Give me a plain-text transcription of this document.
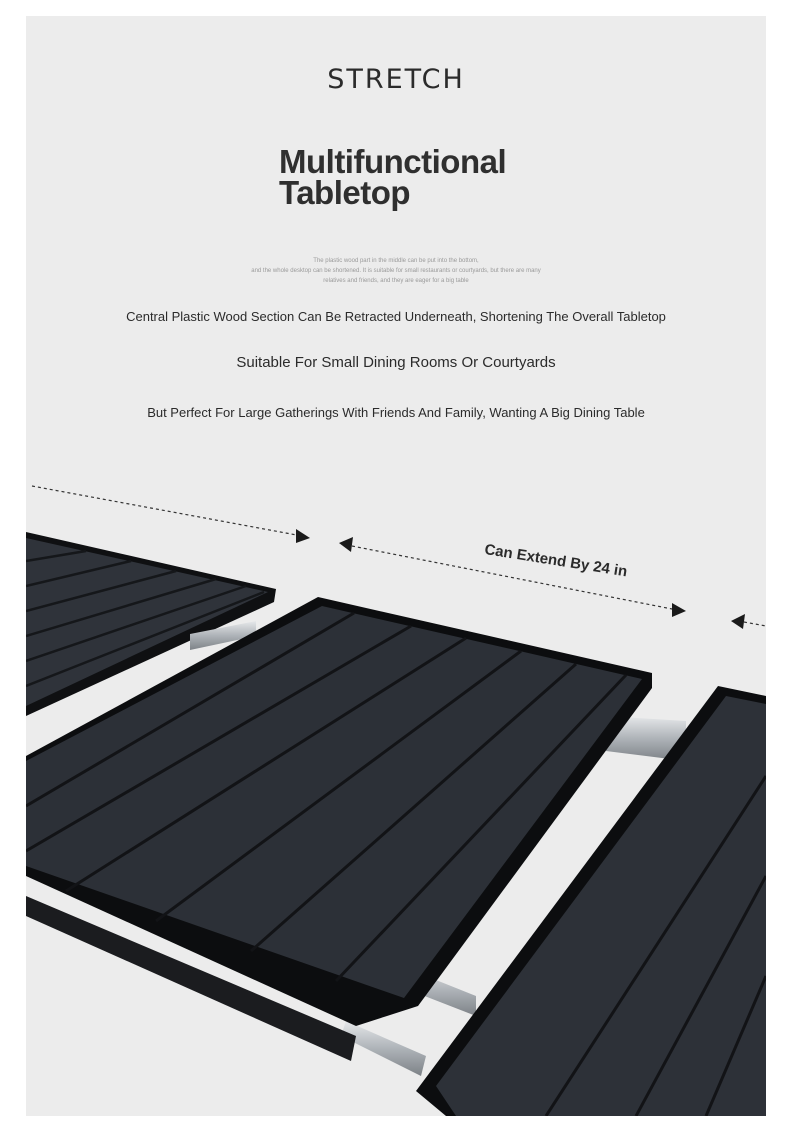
STRETCH
Multifunctional
Tabletop
The plastic wood part in the middle can be put into the bottom,
and the whole desktop can be shortened. It is suitable for small restaurants or courtyards, but there are many
relatives and friends, and they are eager for a big table
Central Plastic Wood Section Can Be Retracted Underneath, Shortening The Overall Tabletop
Suitable For Small Dining Rooms Or Courtyards
But Perfect For Large Gatherings With Friends And Family, Wanting A Big Dining Table
Can Extend By 24 in
